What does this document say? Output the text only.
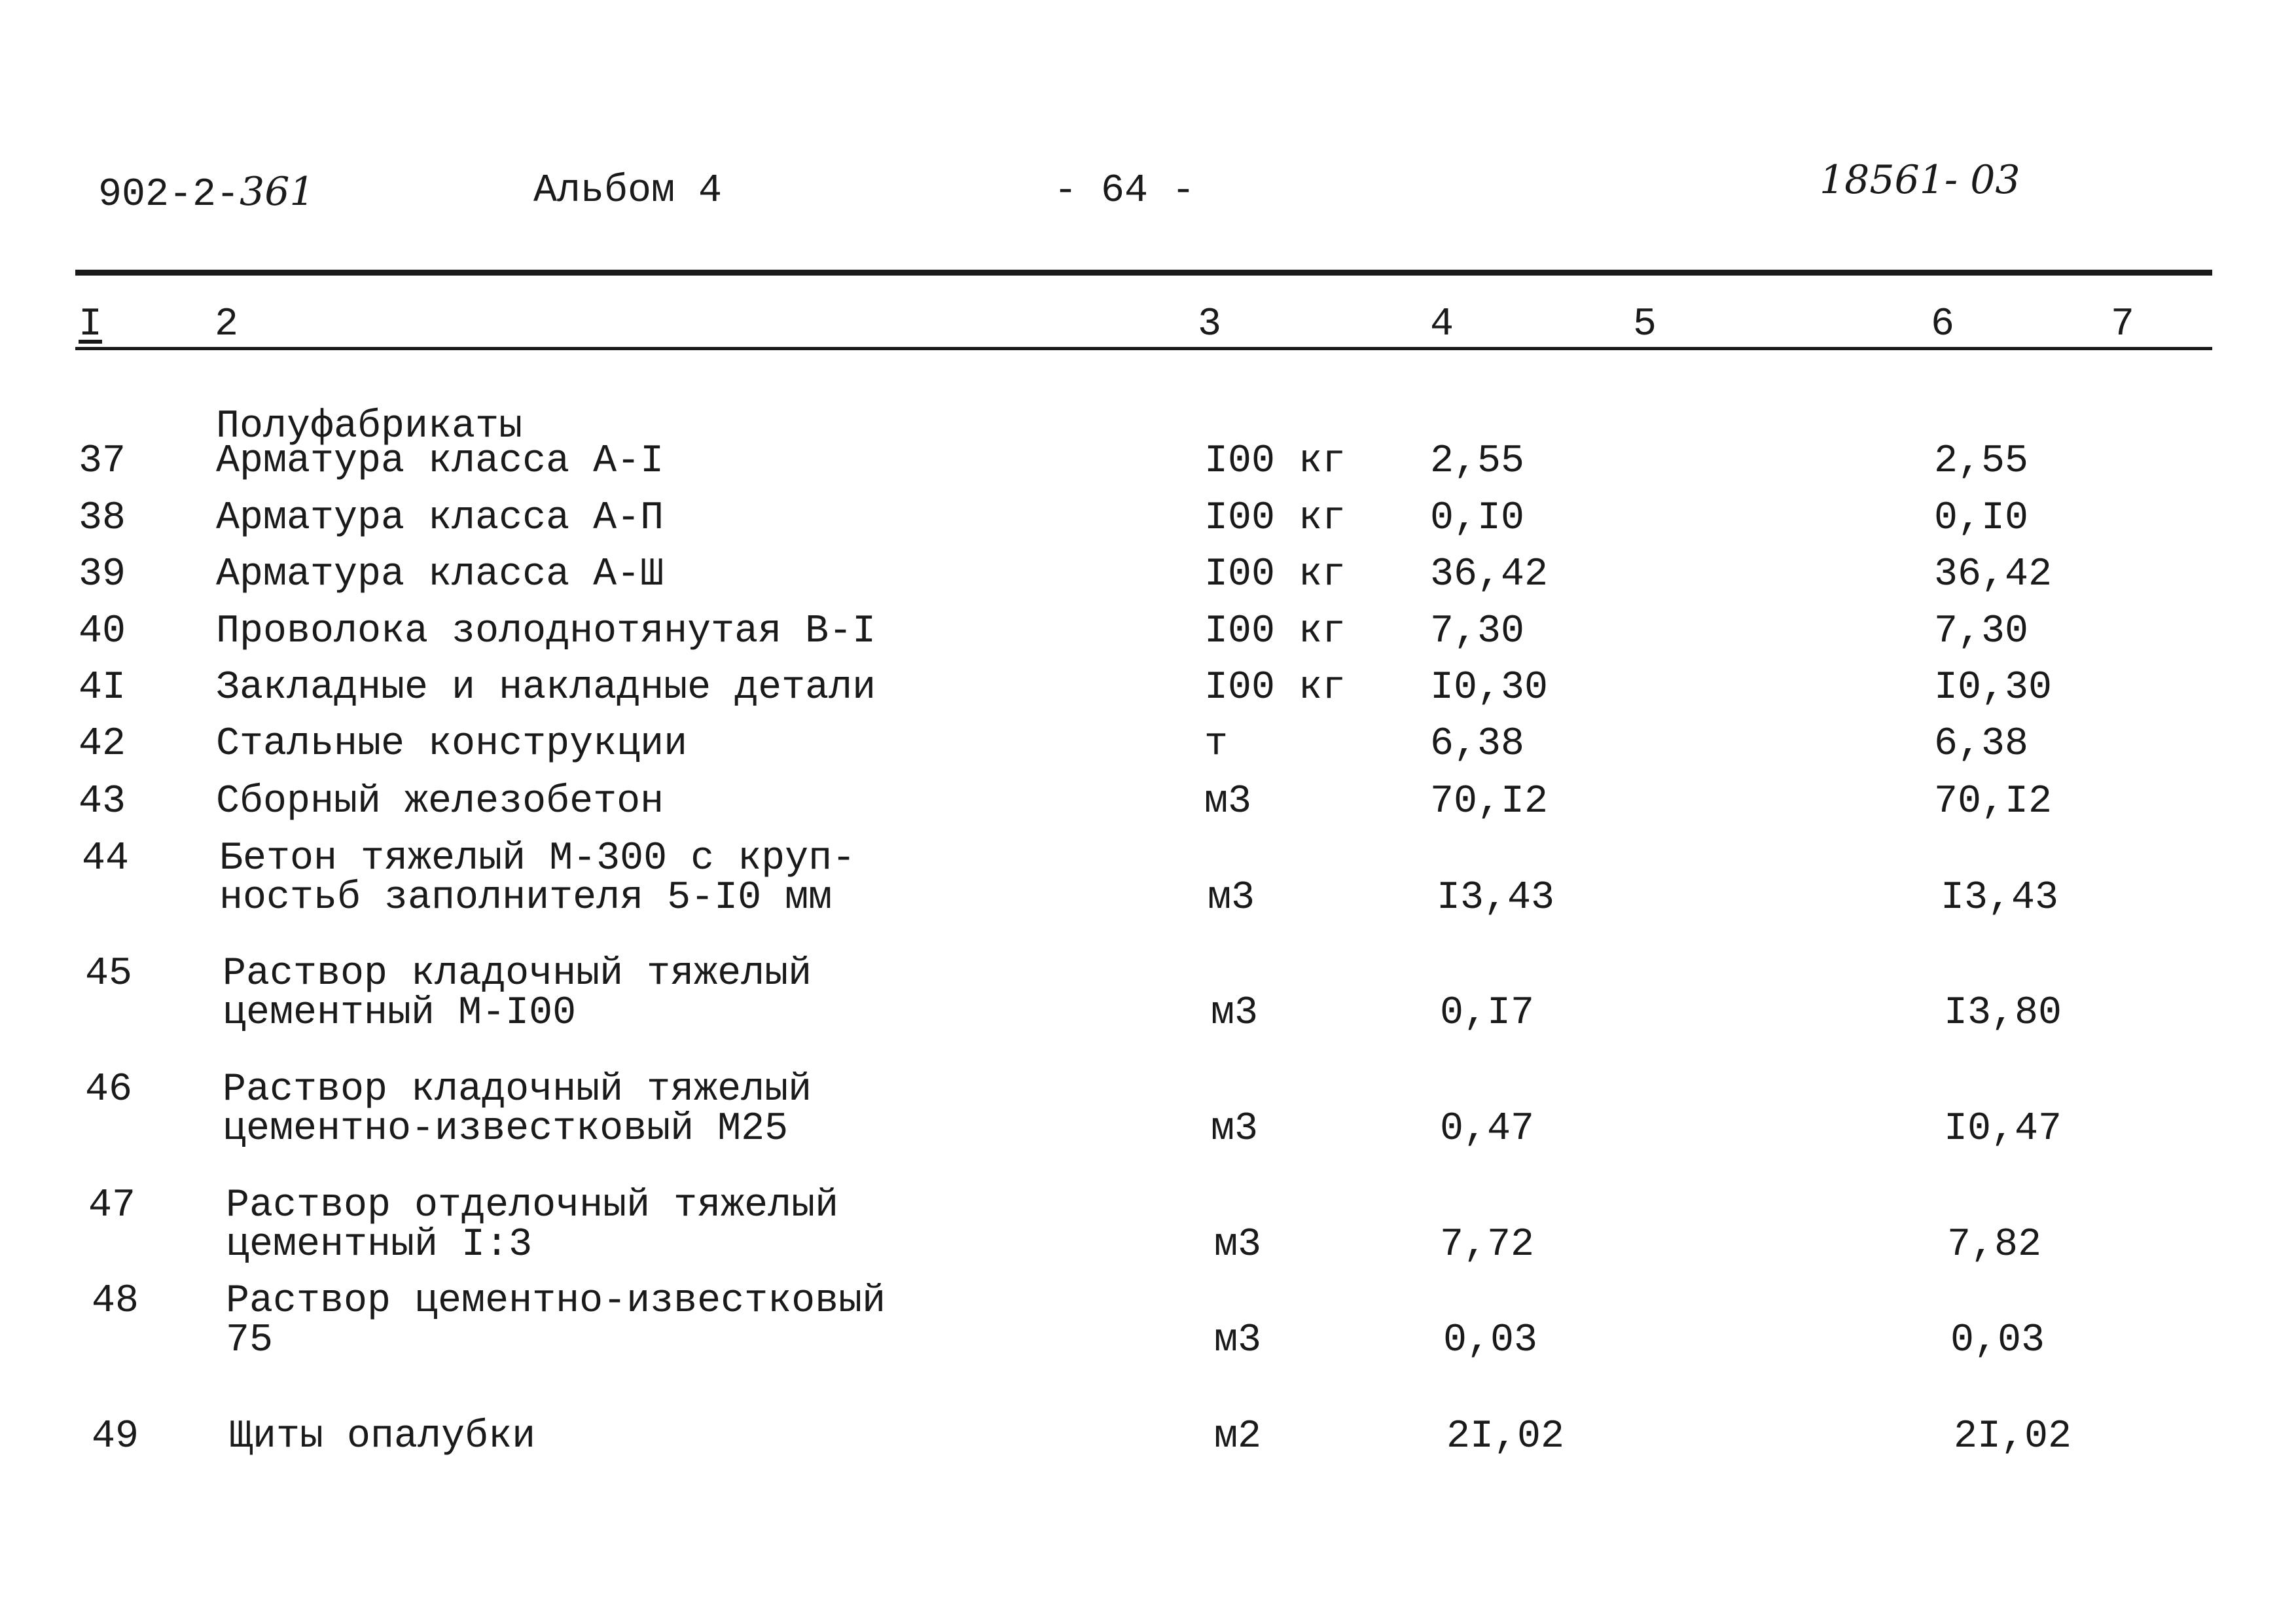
902-2-361	Альбом 4	- 64 -	18561- 03
I	2	3	4	5	6	7
Полуфабрикаты
37 Арматура класса А-I	I00 кг 2,55	2,55
38 Арматура класса А-П	I00 кг 0,I0	0,I0
39 Арматура класса А-Ш	I00 кг 36,42	36,42
40 Проволока золоднотянутая В-I	I00 кг 7,30	7,30
4I Закладные и накладные детали	I00 кг I0,30	I0,30
42 Стальные конструкции	т	6,38	6,38
43 Сборный железобетон	м3	70,I2	70,I2
44 Бетон тяжелый М-300 с круп-
ностьб заполнителя 5-I0 мм	м3	I3,43	I3,43
45 Раствор кладочный тяжелый
цементный М-I00	м3	0,I7	I3,80
46 Раствор кладочный тяжелый
цементно-известковый М25	м3	0,47	I0,47
47 Раствор отделочный тяжелый
цементный I:3	м3	7,72	7,82
48 Раствор цементно-известковый
75	м3	0,03	0,03
49 Щиты опалубки	м2	2I,02	2I,02
